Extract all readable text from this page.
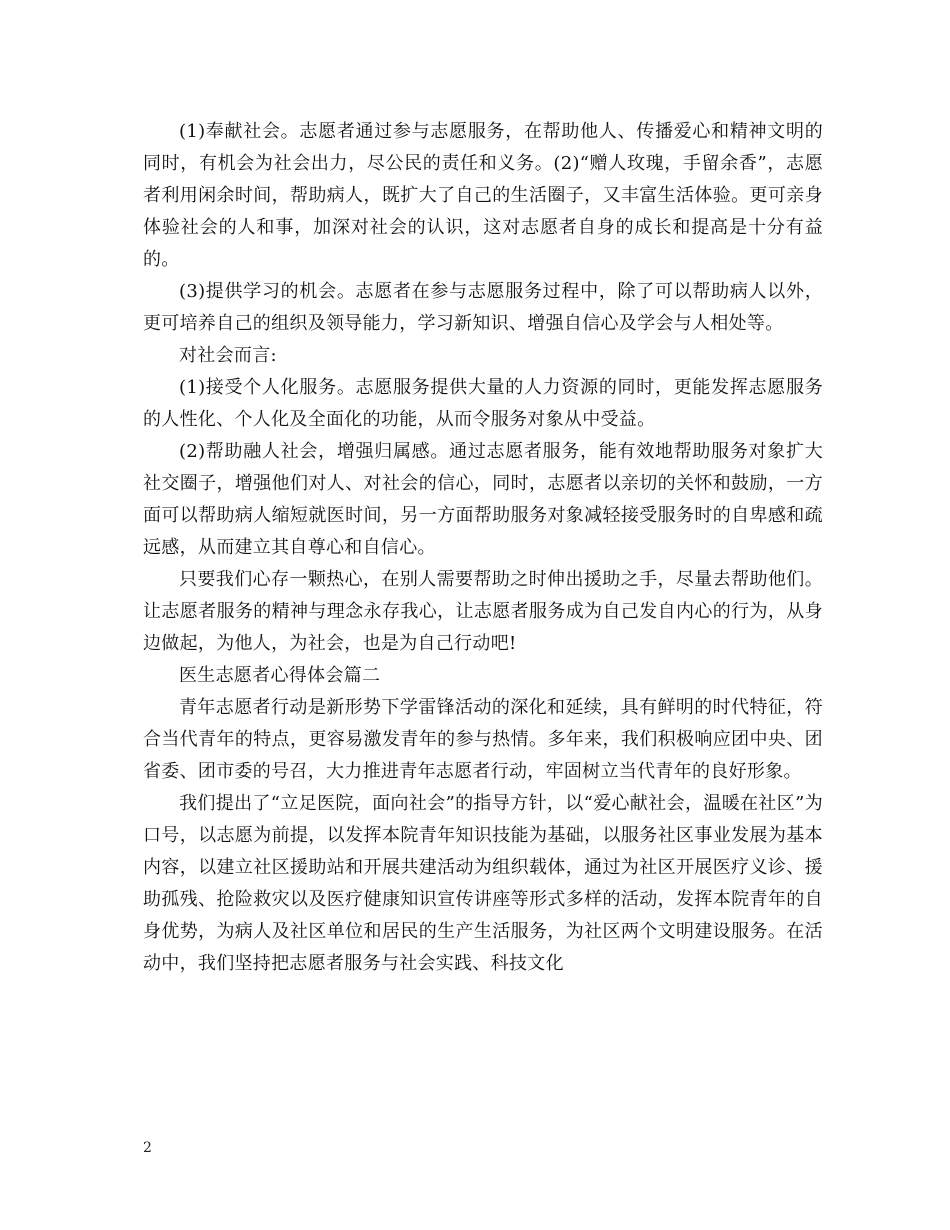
(1)奉献社会。志愿者通过参与志愿服务，在帮助他人、传播爱心和精神文明的同时，有机会为社会出力，尽公民的责任和义务。(2)“赠人玫瑰，手留余香”，志愿者利用闲余时间，帮助病人，既扩大了自己的生活圈子，又丰富生活体验。更可亲身体验社会的人和事，加深对社会的认识，这对志愿者自身的成长和提高是十分有益的。

(3)提供学习的机会。志愿者在参与志愿服务过程中，除了可以帮助病人以外，更可培养自己的组织及领导能力，学习新知识、增强自信心及学会与人相处等。

对社会而言:

(1)接受个人化服务。志愿服务提供大量的人力资源的同时，更能发挥志愿服务的人性化、个人化及全面化的功能，从而令服务对象从中受益。

(2)帮助融人社会，增强归属感。通过志愿者服务，能有效地帮助服务对象扩大社交圈子，增强他们对人、对社会的信心，同时，志愿者以亲切的关怀和鼓励，一方面可以帮助病人缩短就医时间，另一方面帮助服务对象减轻接受服务时的自卑感和疏远感，从而建立其自尊心和自信心。

只要我们心存一颗热心，在别人需要帮助之时伸出援助之手，尽量去帮助他们。让志愿者服务的精神与理念永存我心，让志愿者服务成为自己发自内心的行为，从身边做起，为他人，为社会，也是为自己行动吧!

医生志愿者心得体会篇二

青年志愿者行动是新形势下学雷锋活动的深化和延续，具有鲜明的时代特征，符合当代青年的特点，更容易激发青年的参与热情。多年来，我们积极响应团中央、团省委、团市委的号召，大力推进青年志愿者行动，牢固树立当代青年的良好形象。

我们提出了“立足医院，面向社会”的指导方针，以“爱心献社会，温暖在社区”为口号，以志愿为前提，以发挥本院青年知识技能为基础，以服务社区事业发展为基本内容，以建立社区援助站和开展共建活动为组织载体，通过为社区开展医疗义诊、援助孤残、抢险救灾以及医疗健康知识宣传讲座等形式多样的活动，发挥本院青年的自身优势，为病人及社区单位和居民的生产生活服务，为社区两个文明建设服务。在活动中，我们坚持把志愿者服务与社会实践、科技文化

2
